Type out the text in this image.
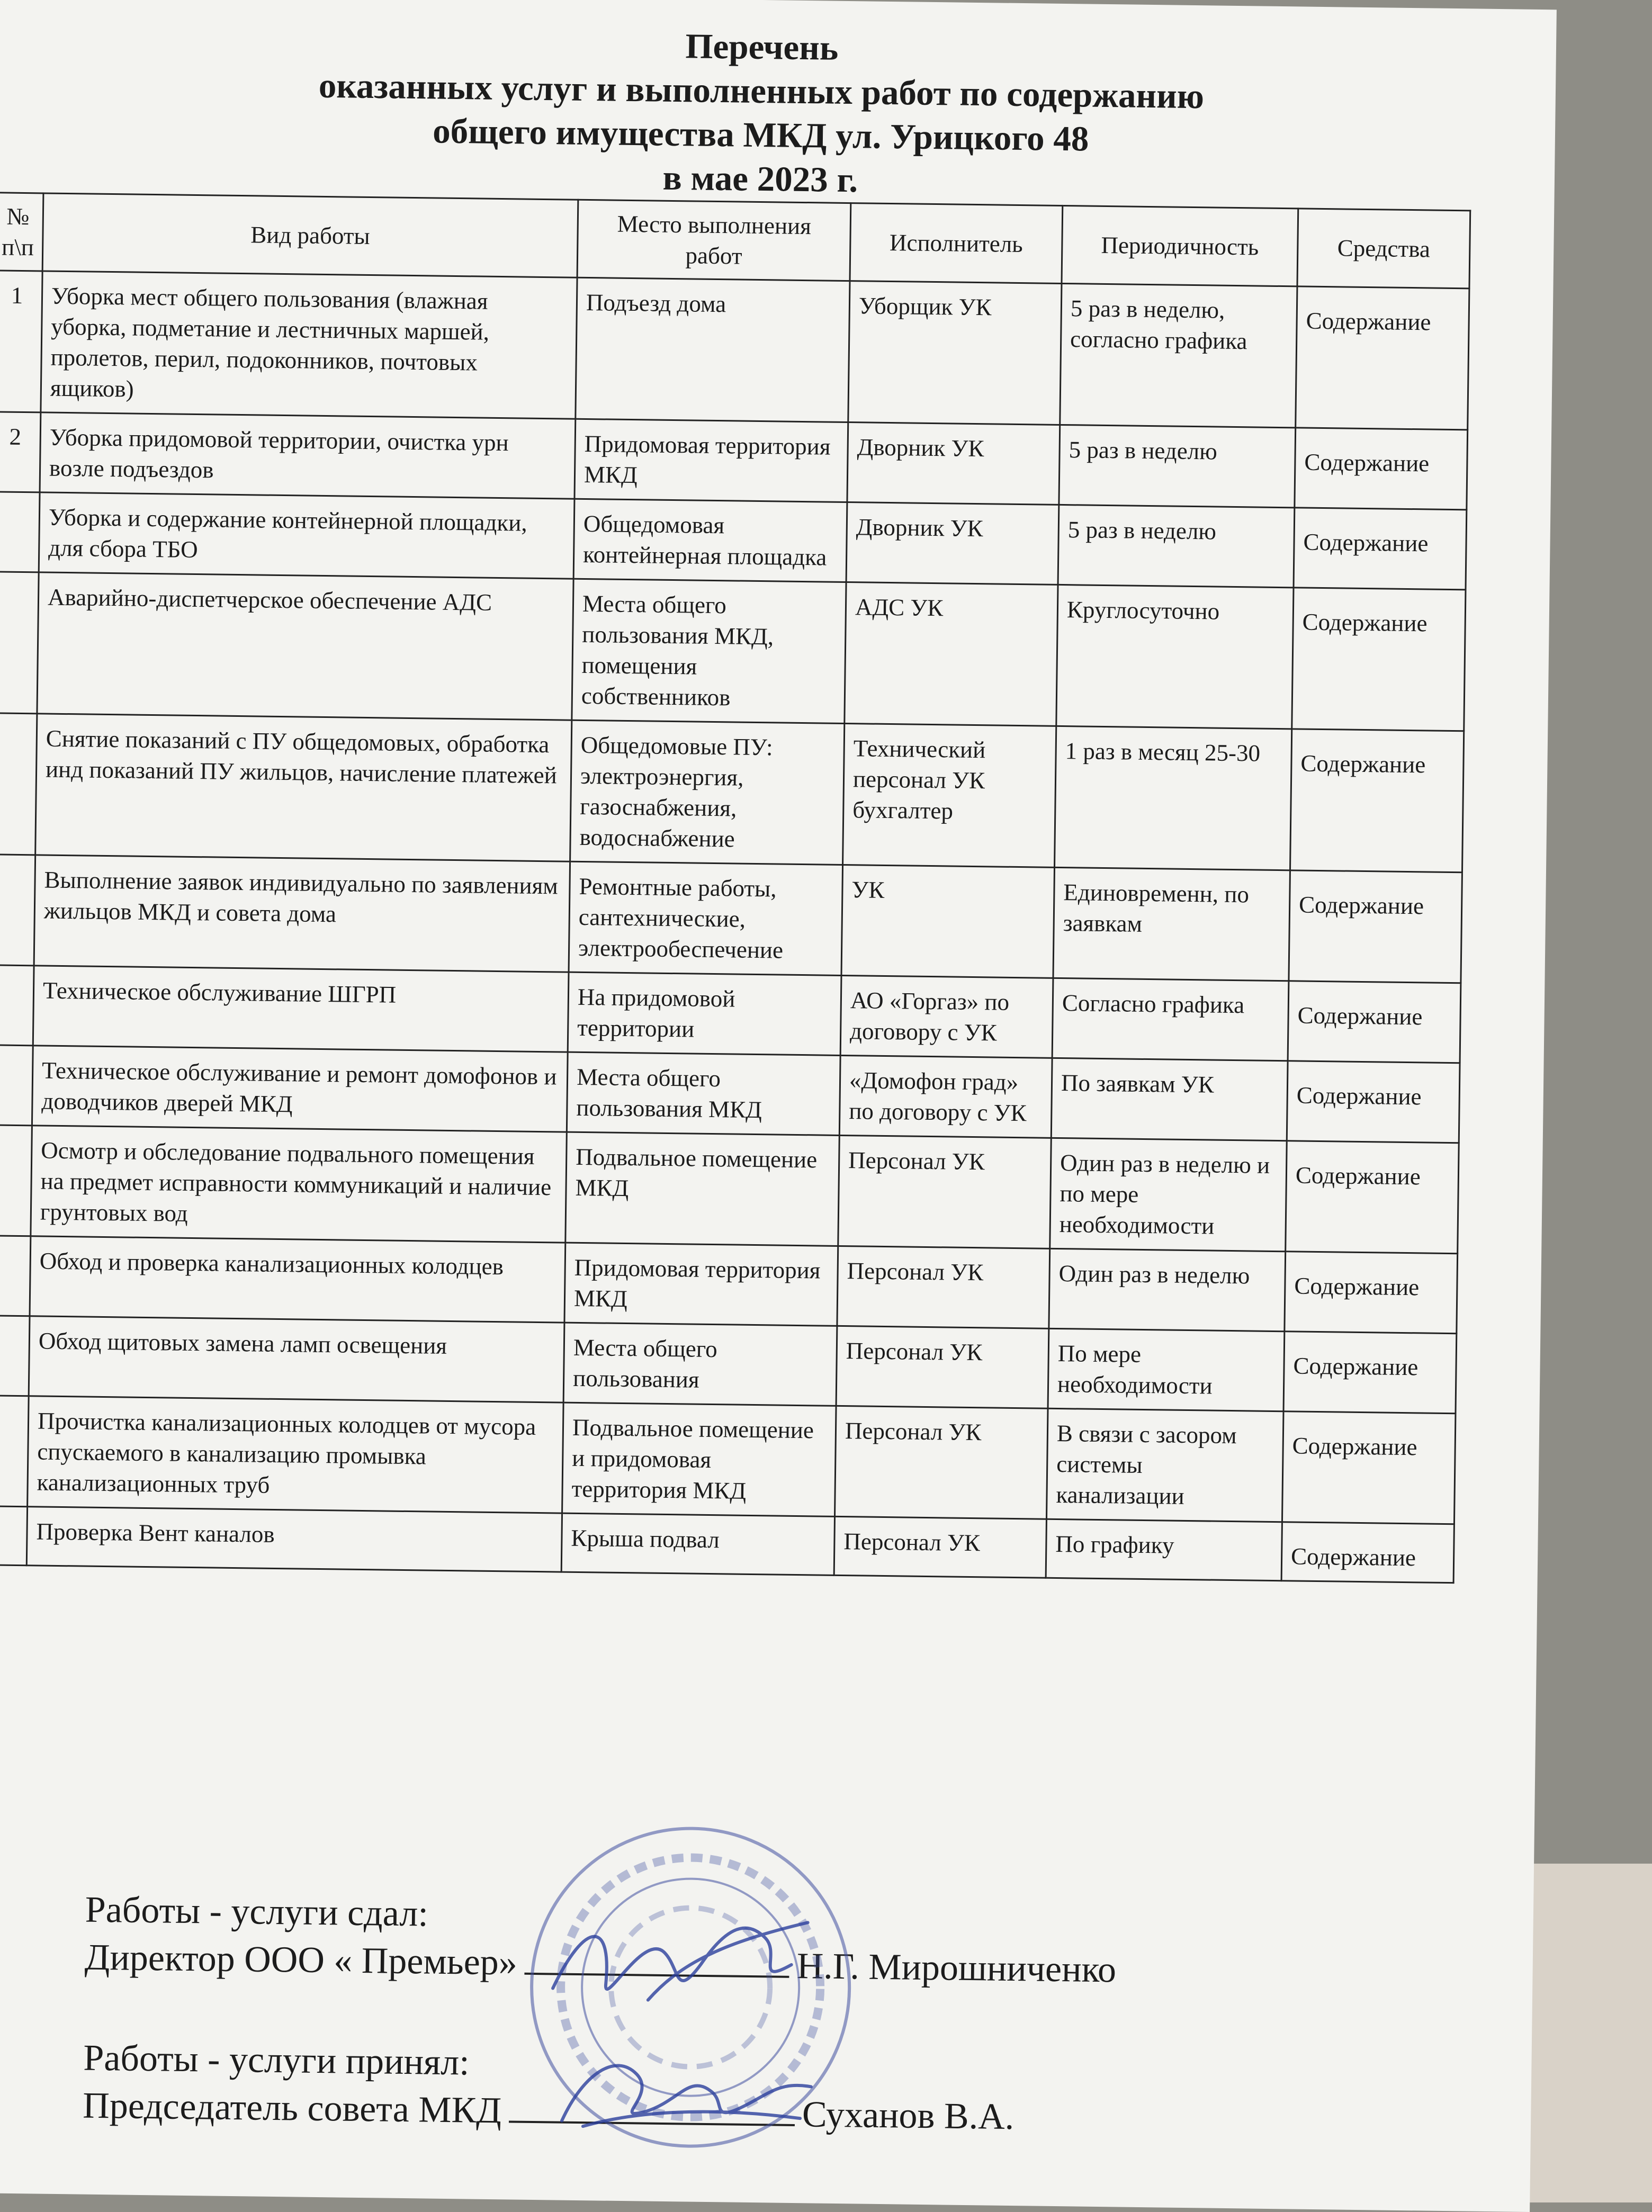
Перечень
оказанных услуг и выполненных работ по содержанию
общего имущества МКД ул. Урицкого 48
в мае 2023 г.
№ п\п	Вид работы	Место выполнения работ	Исполнитель	Периодичность	Средства
1	Уборка мест общего пользования (влажная уборка, подметание и лестничных маршей, пролетов, перил, подоконников, почтовых ящиков)	Подъезд дома	Уборщик УК	5 раз в неделю, согласно графика	Содержание
2	Уборка придомовой территории, очистка урн возле подъездов	Придомовая территория МКД	Дворник УК	5 раз в неделю	Содержание
	Уборка и содержание контейнерной площадки, для сбора ТБО	Общедомовая контейнерная площадка	Дворник УК	5 раз в неделю	Содержание
	Аварийно-диспетчерское обеспечение АДС	Места общего пользования МКД, помещения собственников	АДС УК	Круглосуточно	Содержание
	Снятие показаний с ПУ общедомовых, обработка инд показаний ПУ жильцов, начисление платежей	Общедомовые ПУ: электроэнергия, газоснабжения, водоснабжение	Технический персонал УК бухгалтер	1 раз в месяц 25-30	Содержание
	Выполнение заявок индивидуально по заявлениям жильцов МКД и совета дома	Ремонтные работы, сантехнические, электрообеспечение	УК	Единовременн, по заявкам	Содержание
	Техническое обслуживание ШГРП	На придомовой территории	АО «Горгаз» по договору с УК	Согласно графика	Содержание
	Техническое обслуживание и ремонт домофонов и доводчиков дверей МКД	Места общего пользования МКД	«Домофон град» по договору с УК	По заявкам УК	Содержание
	Осмотр и обследование подвального помещения на предмет исправности коммуникаций и наличие грунтовых вод	Подвальное помещение МКД	Персонал УК	Один раз в неделю и по мере необходимости	Содержание
	Обход и проверка канализационных колодцев	Придомовая территория МКД	Персонал УК	Один раз в неделю	Содержание
	Обход щитовых замена ламп освещения	Места общего пользования	Персонал УК	По мере необходимости	Содержание
	Прочистка канализационных колодцев от мусора спускаемого в канализацию промывка канализационных труб	Подвальное помещение и придомовая территория МКД	Персонал УК	В связи с засором системы канализации	Содержание
	Проверка Вент каналов	Крыша подвал	Персонал УК	По графику	Содержание
Работы - услуги сдал:
Директор ООО « Премьер»	Н.Г. Мирошниченко
Работы - услуги принял:
Председатель совета МКД	Суханов В.А.
